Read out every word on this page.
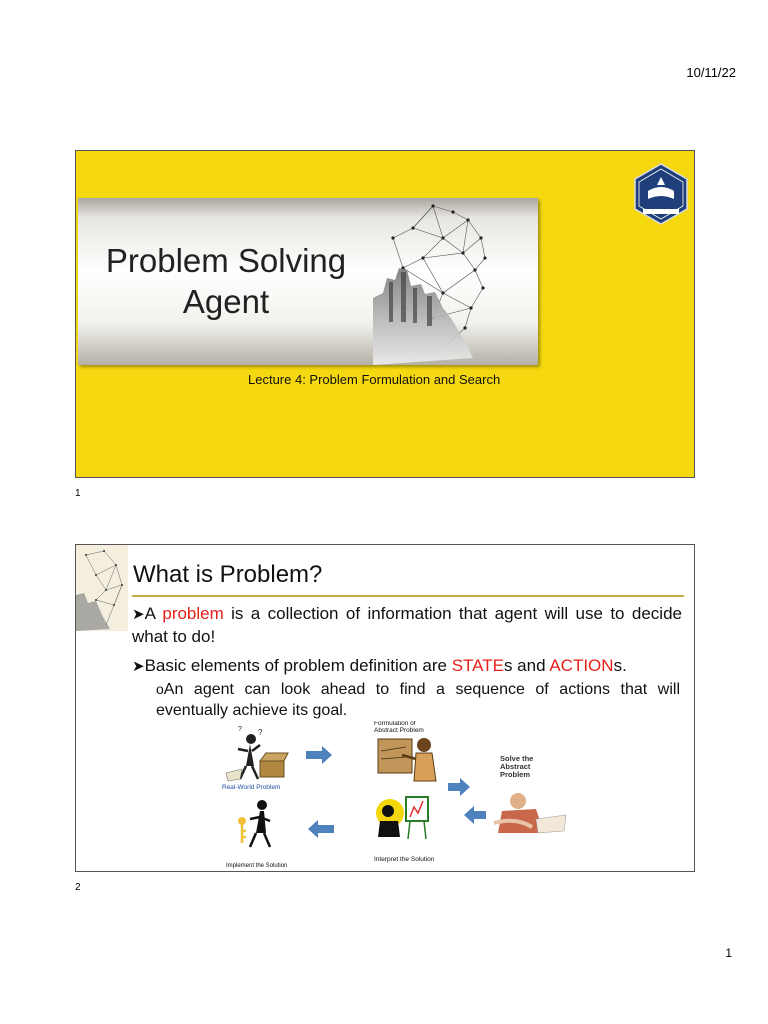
10/11/22
Problem Solving
Agent
Lecture 4: Problem Formulation and Search
1
What is Problem?
➤A problem is a collection of information that agent will use to decide what to do!
➤Basic elements of problem definition are STATEs and ACTIONs.
oAn agent can look ahead to find a sequence of actions that will eventually achieve its goal.
?
?
Real-World Problem
Formulation of
Abstract Problem
Solve the
Abstract
Problem
Interpret the Solution
Implement the Solution
2
1
